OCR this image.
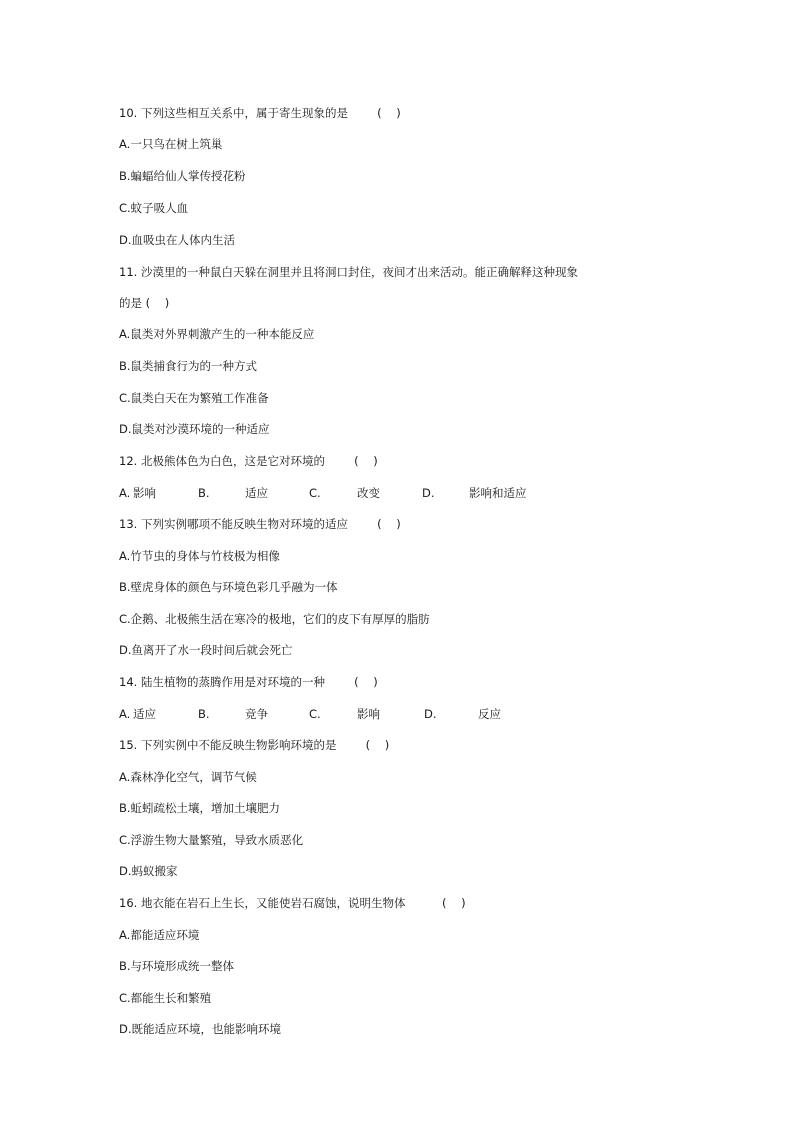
10. 下列这些相互关系中，属于寄生现象的是        (    )
A.一只鸟在树上筑巢
B.蝙蝠给仙人掌传授花粉
C.蚊子吸人血
D.血吸虫在人体内生活
11. 沙漠里的一种鼠白天躲在洞里并且将洞口封住，夜间才出来活动。能正确解释这种现象
的是 (    )
A.鼠类对外界刺激产生的一种本能反应
B.鼠类捕食行为的一种方式
C.鼠类白天在为繁殖工作准备
D.鼠类对沙漠环境的一种适应
12. 北极熊体色为白色，这是它对环境的        (    )
A. 影响	B.	适应	C.	改变	D.	影响和适应
13. 下列实例哪项不能反映生物对环境的适应        (    )
A.竹节虫的身体与竹枝极为相像
B.壁虎身体的颜色与环境色彩几乎融为一体
C.企鹅、北极熊生活在寒冷的极地，它们的皮下有厚厚的脂肪
D.鱼离开了水一段时间后就会死亡
14. 陆生植物的蒸腾作用是对环境的一种        (    )
A. 适应	B.	竞争	C.	影响	D.	反应
15. 下列实例中不能反映生物影响环境的是        (    )
A.森林净化空气，调节气候
B.蚯蚓疏松土壤，增加土壤肥力
C.浮游生物大量繁殖，导致水质恶化
D.蚂蚁搬家
16. 地衣能在岩石上生长，又能使岩石腐蚀，说明生物体          (    )
A.都能适应环境
B.与环境形成统一整体
C.都能生长和繁殖
D.既能适应环境，也能影响环境
